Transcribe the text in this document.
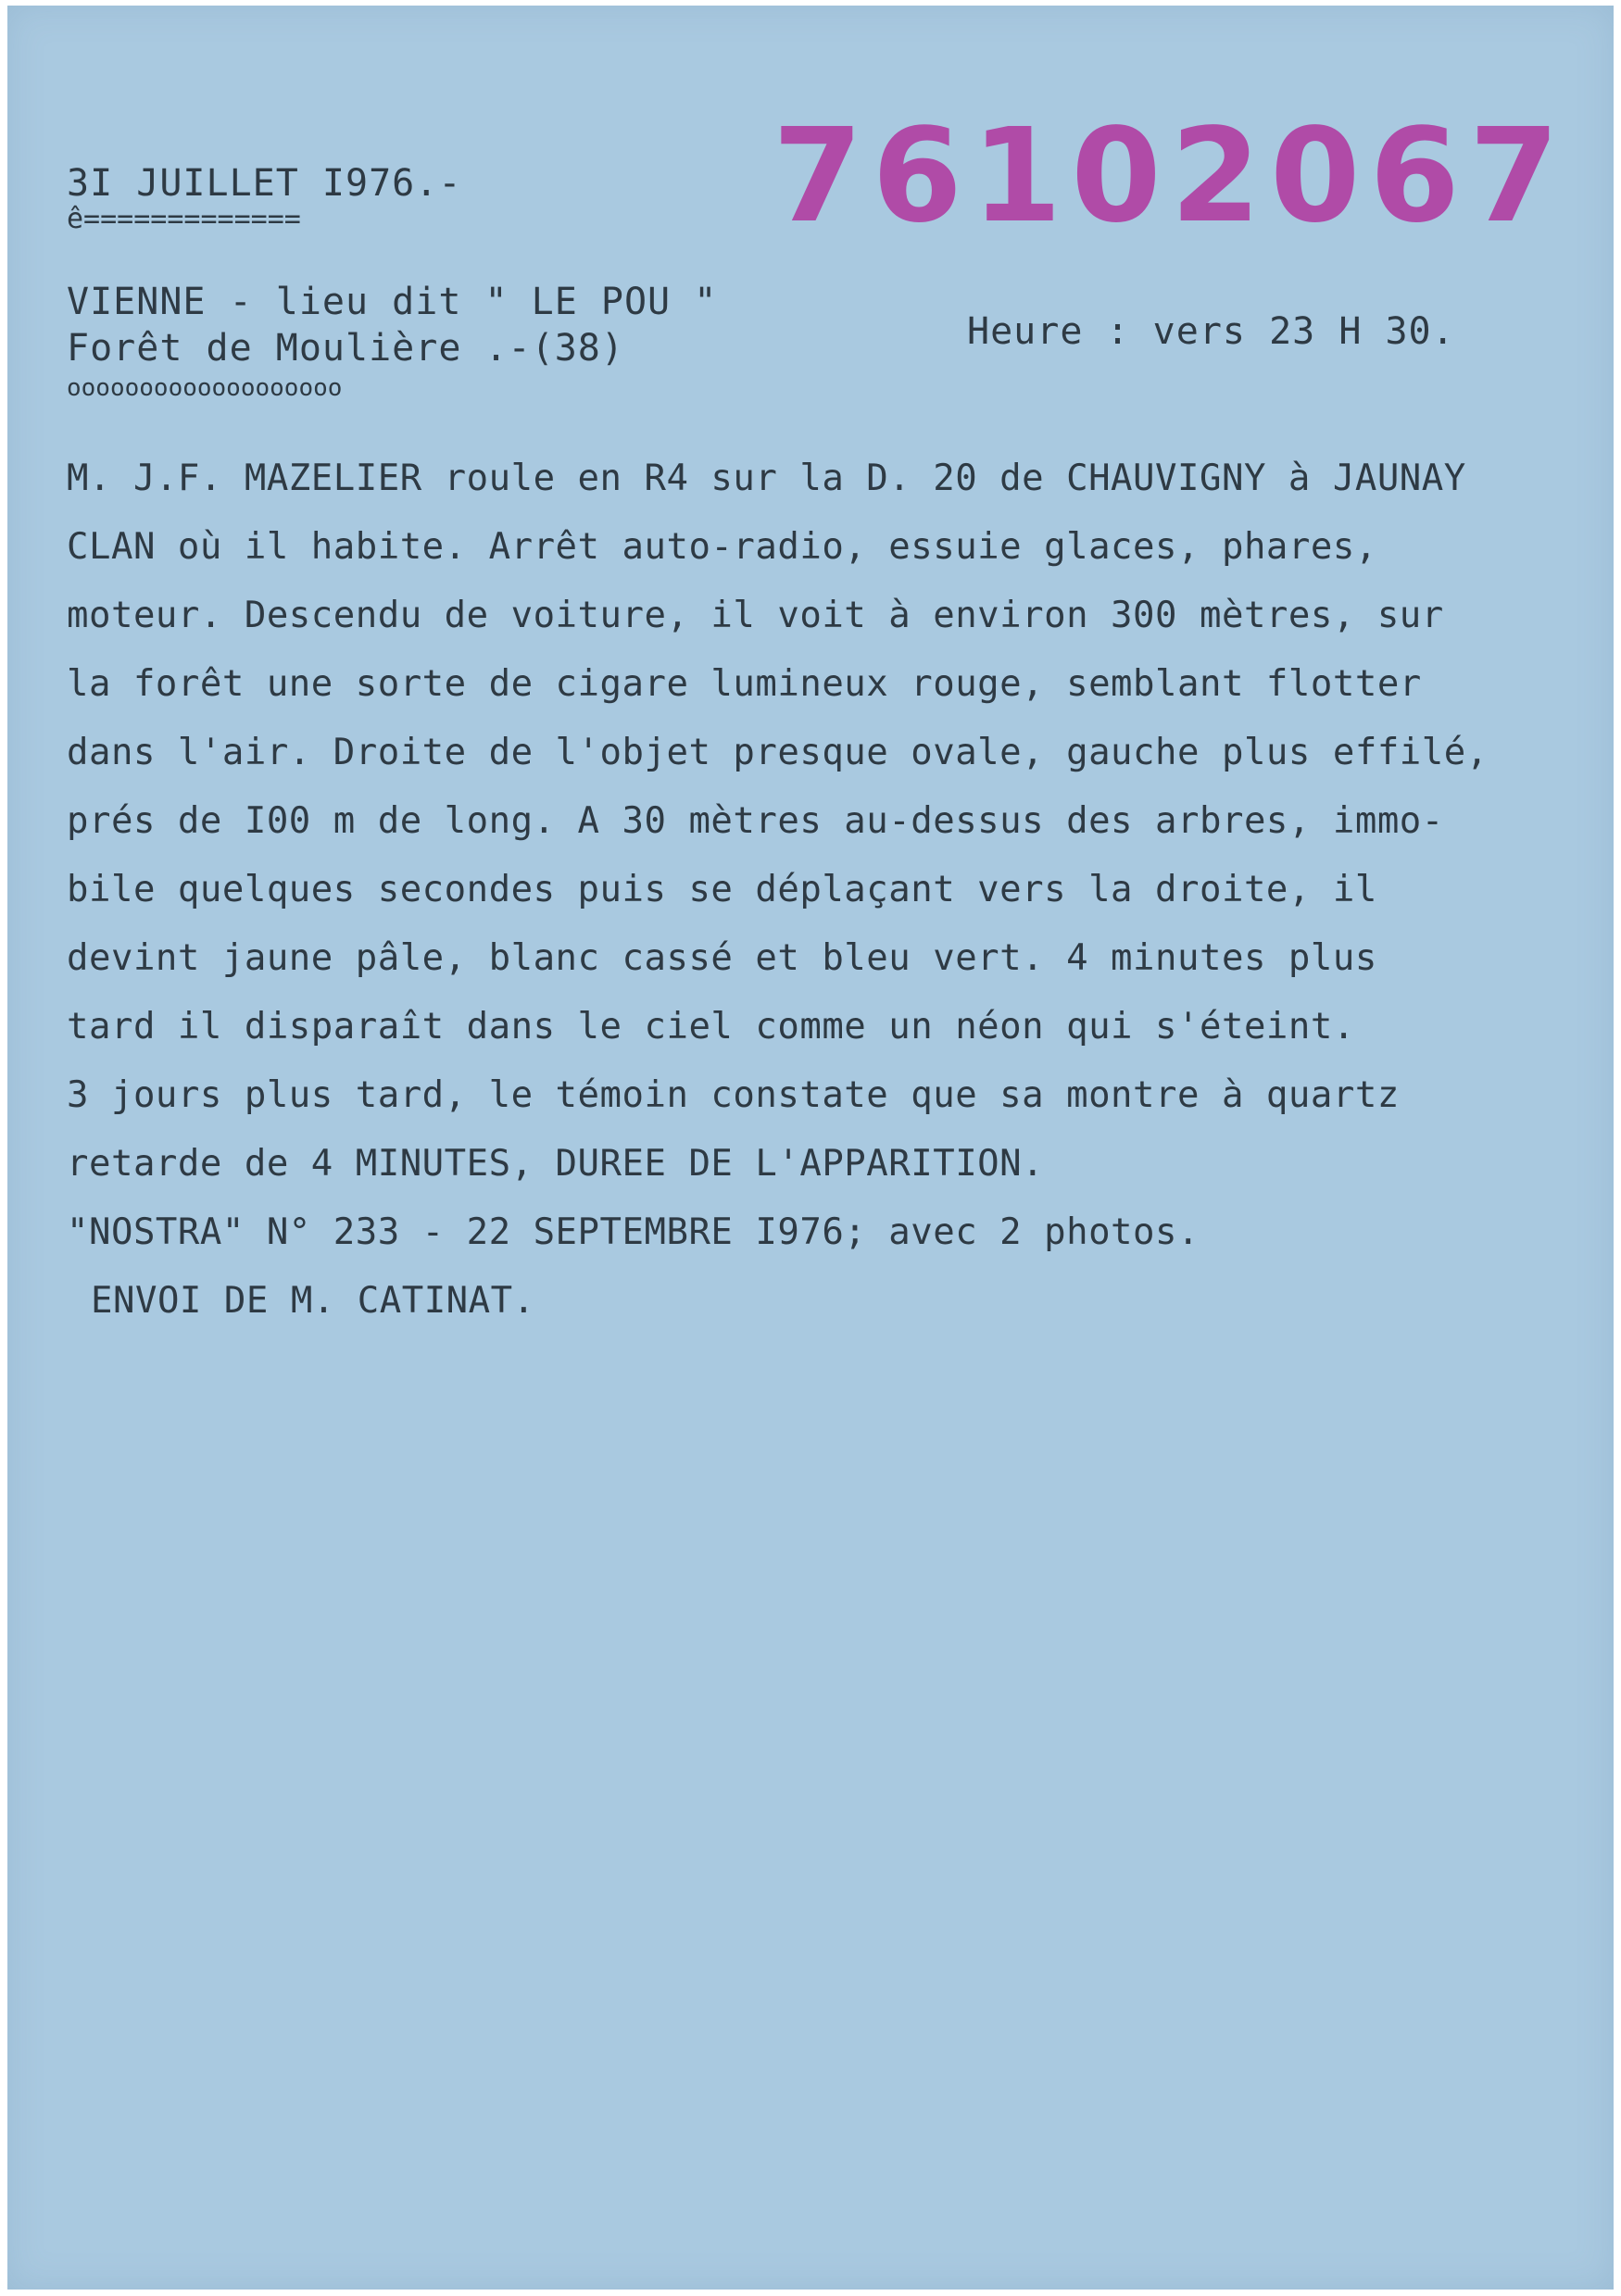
76102067

3I JUILLET I976.-

ê=============

VIENNE - lieu dit " LE POU "

Forêt de Moulière .-(38)

ooooooooooooooooooo

Heure : vers 23 H 30.

M. J.F. MAZELIER roule en R4 sur la D. 20 de CHAUVIGNY à JAUNAY
CLAN où il habite. Arrêt auto-radio, essuie glaces, phares,
moteur. Descendu de voiture, il voit à environ 300 mètres, sur
la forêt une sorte de cigare lumineux rouge, semblant flotter
dans l'air. Droite de l'objet presque ovale, gauche plus effilé,
prés de I00 m de long. A 30 mètres au-dessus des arbres, immo-
bile quelques secondes puis se déplaçant vers la droite, il
devint jaune pâle, blanc cassé et bleu vert. 4 minutes plus
tard il disparaît dans le ciel comme un néon qui s'éteint.
3 jours plus tard, le témoin constate que sa montre à quartz
retarde de 4 MINUTES, DUREE DE L'APPARITION.
"NOSTRA" N° 233 - 22 SEPTEMBRE I976; avec 2 photos.
ENVOI DE M. CATINAT.
